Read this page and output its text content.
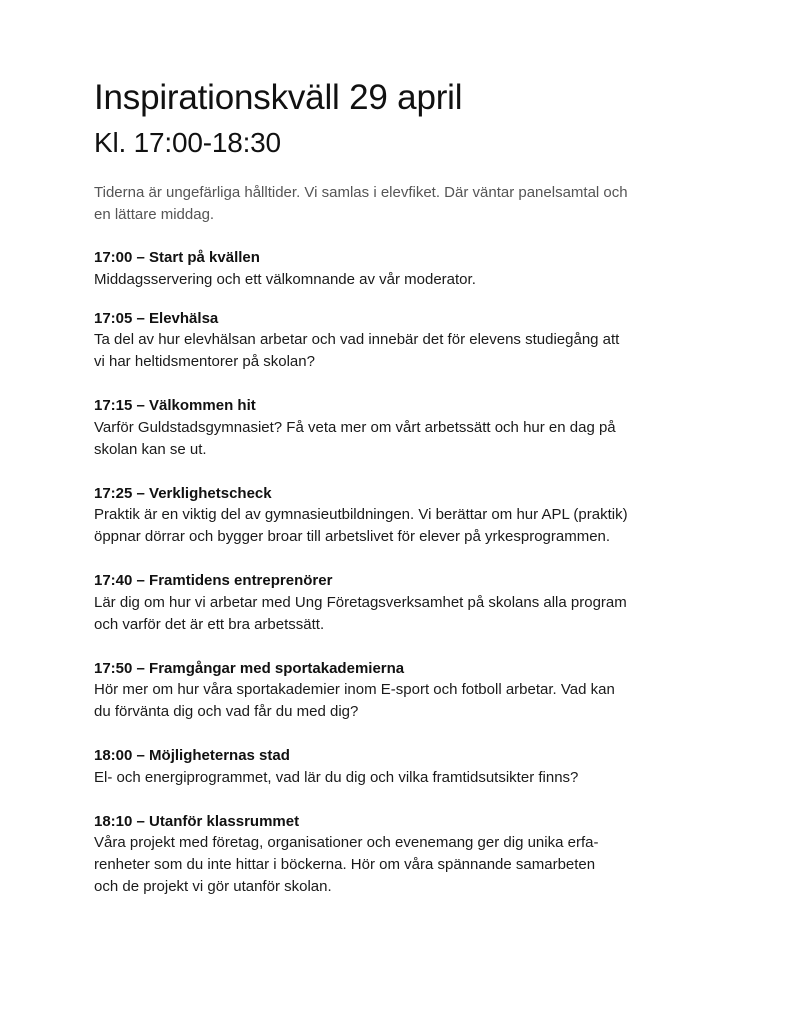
Inspirationskväll 29 april
Kl. 17:00-18:30

Tiderna är ungefärliga hålltider. Vi samlas i elevfiket. Där väntar panelsamtal och
en lättare middag.

17:00 – Start på kvällen
Middagsservering och ett välkomnande av vår moderator.
17:05 – Elevhälsa
Ta del av hur elevhälsan arbetar och vad innebär det för elevens studiegång att
vi har heltidsmentorer på skolan?
17:15 – Välkommen hit
Varför Guldstadsgymnasiet? Få veta mer om vårt arbetssätt och hur en dag på
skolan kan se ut.
17:25 – Verklighetscheck
Praktik är en viktig del av gymnasieutbildningen. Vi berättar om hur APL (praktik)
öppnar dörrar och bygger broar till arbetslivet för elever på yrkesprogrammen.
17:40 – Framtidens entreprenörer
Lär dig om hur vi arbetar med Ung Företagsverksamhet på skolans alla program
och varför det är ett bra arbetssätt.
17:50 – Framgångar med sportakademierna
Hör mer om hur våra sportakademier inom E-sport och fotboll arbetar. Vad kan
du förvänta dig och vad får du med dig?
18:00 – Möjligheternas stad
El- och energiprogrammet, vad lär du dig och vilka framtidsutsikter finns?
18:10 – Utanför klassrummet
Våra projekt med företag, organisationer och evenemang ger dig unika erfa-
renheter som du inte hittar i böckerna. Hör om våra spännande samarbeten
och de projekt vi gör utanför skolan.
